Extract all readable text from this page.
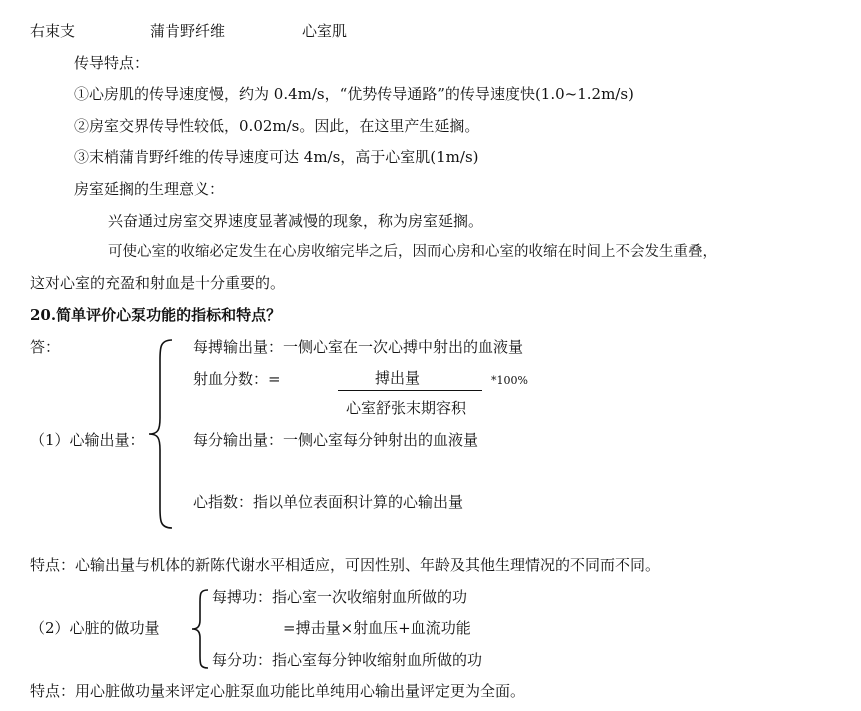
右束支	蒲肯野纤维	心室肌
传导特点：
①心房肌的传导速度慢，约为 0.4m/s，“优势传导通路”的传导速度快(1.0~1.2m/s)
②房室交界传导性较低，0.02m/s。因此，在这里产生延搁。
③末梢蒲肯野纤维的传导速度可达 4m/s，高于心室肌(1m/s)
房室延搁的生理意义：
兴奋通过房室交界速度显著减慢的现象，称为房室延搁。
可使心室的收缩必定发生在心房收缩完毕之后，因而心房和心室的收缩在时间上不会发生重叠，
这对心室的充盈和射血是十分重要的。
20.简单评价心泵功能的指标和特点？
答：
（1）心输出量：
每搏输出量：一侧心室在一次心搏中射出的血液量
射血分数：=	搏出量	*100%
心室舒张末期容积
每分输出量：一侧心室每分钟射出的血液量
心指数：指以单位表面积计算的心输出量
特点：心输出量与机体的新陈代谢水平相适应，可因性别、年龄及其他生理情况的不同而不同。
（2）心脏的做功量
每搏功：指心室一次收缩射血所做的功
=搏击量×射血压+血流功能
每分功：指心室每分钟收缩射血所做的功
特点：用心脏做功量来评定心脏泵血功能比单纯用心输出量评定更为全面。
